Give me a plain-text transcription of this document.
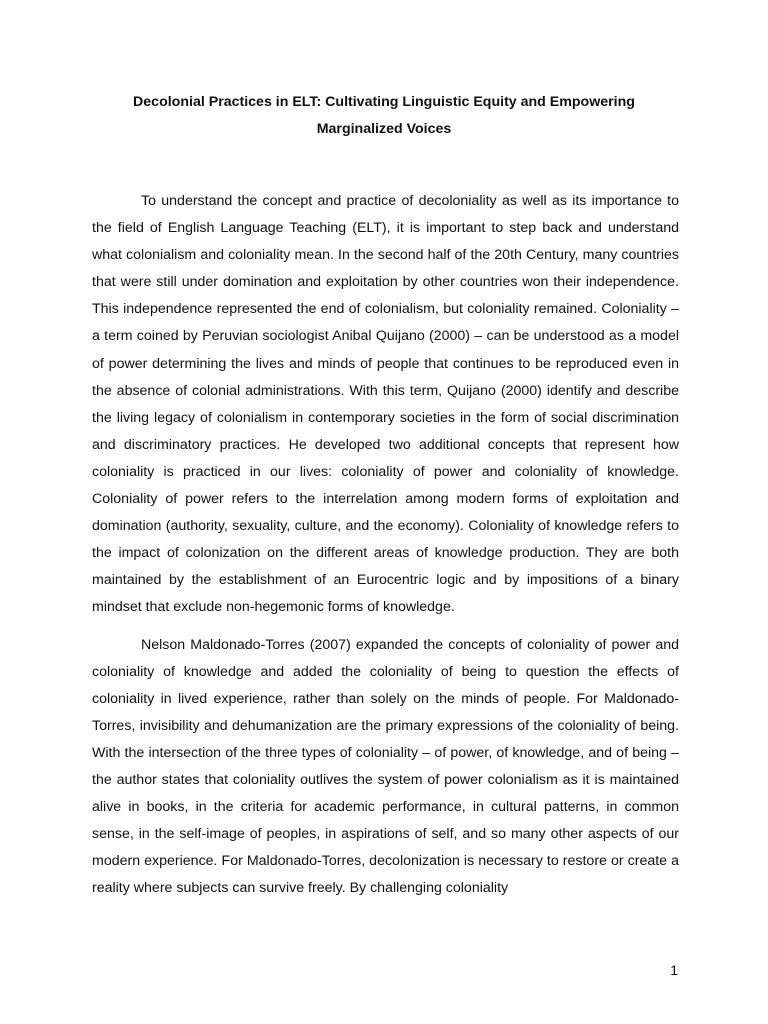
Decolonial Practices in ELT: Cultivating Linguistic Equity and Empowering
Marginalized Voices

To understand the concept and practice of decoloniality as well as its importance to the field of English Language Teaching (ELT), it is important to step back and understand what colonialism and coloniality mean. In the second half of the 20th Century, many countries that were still under domination and exploitation by other countries won their independence. This independence represented the end of colonialism, but coloniality remained. Coloniality – a term coined by Peruvian sociologist Anibal Quijano (2000) – can be understood as a model of power determining the lives and minds of people that continues to be reproduced even in the absence of colonial administrations. With this term, Quijano (2000) identify and describe the living legacy of colonialism in contemporary societies in the form of social discrimination and discriminatory practices. He developed two additional concepts that represent how coloniality is practiced in our lives: coloniality of power and coloniality of knowledge. Coloniality of power refers to the interrelation among modern forms of exploitation and domination (authority, sexuality, culture, and the economy). Coloniality of knowledge refers to the impact of colonization on the different areas of knowledge production. They are both maintained by the establishment of an Eurocentric logic and by impositions of a binary mindset that exclude non-hegemonic forms of knowledge.

Nelson Maldonado-Torres (2007) expanded the concepts of coloniality of power and coloniality of knowledge and added the coloniality of being to question the effects of coloniality in lived experience, rather than solely on the minds of people. For Maldonado-Torres, invisibility and dehumanization are the primary expressions of the coloniality of being. With the intersection of the three types of coloniality – of power, of knowledge, and of being – the author states that coloniality outlives the system of power colonialism as it is maintained alive in books, in the criteria for academic performance, in cultural patterns, in common sense, in the self-image of peoples, in aspirations of self, and so many other aspects of our modern experience. For Maldonado-Torres, decolonization is necessary to restore or create a reality where subjects can survive freely. By challenging coloniality

1
